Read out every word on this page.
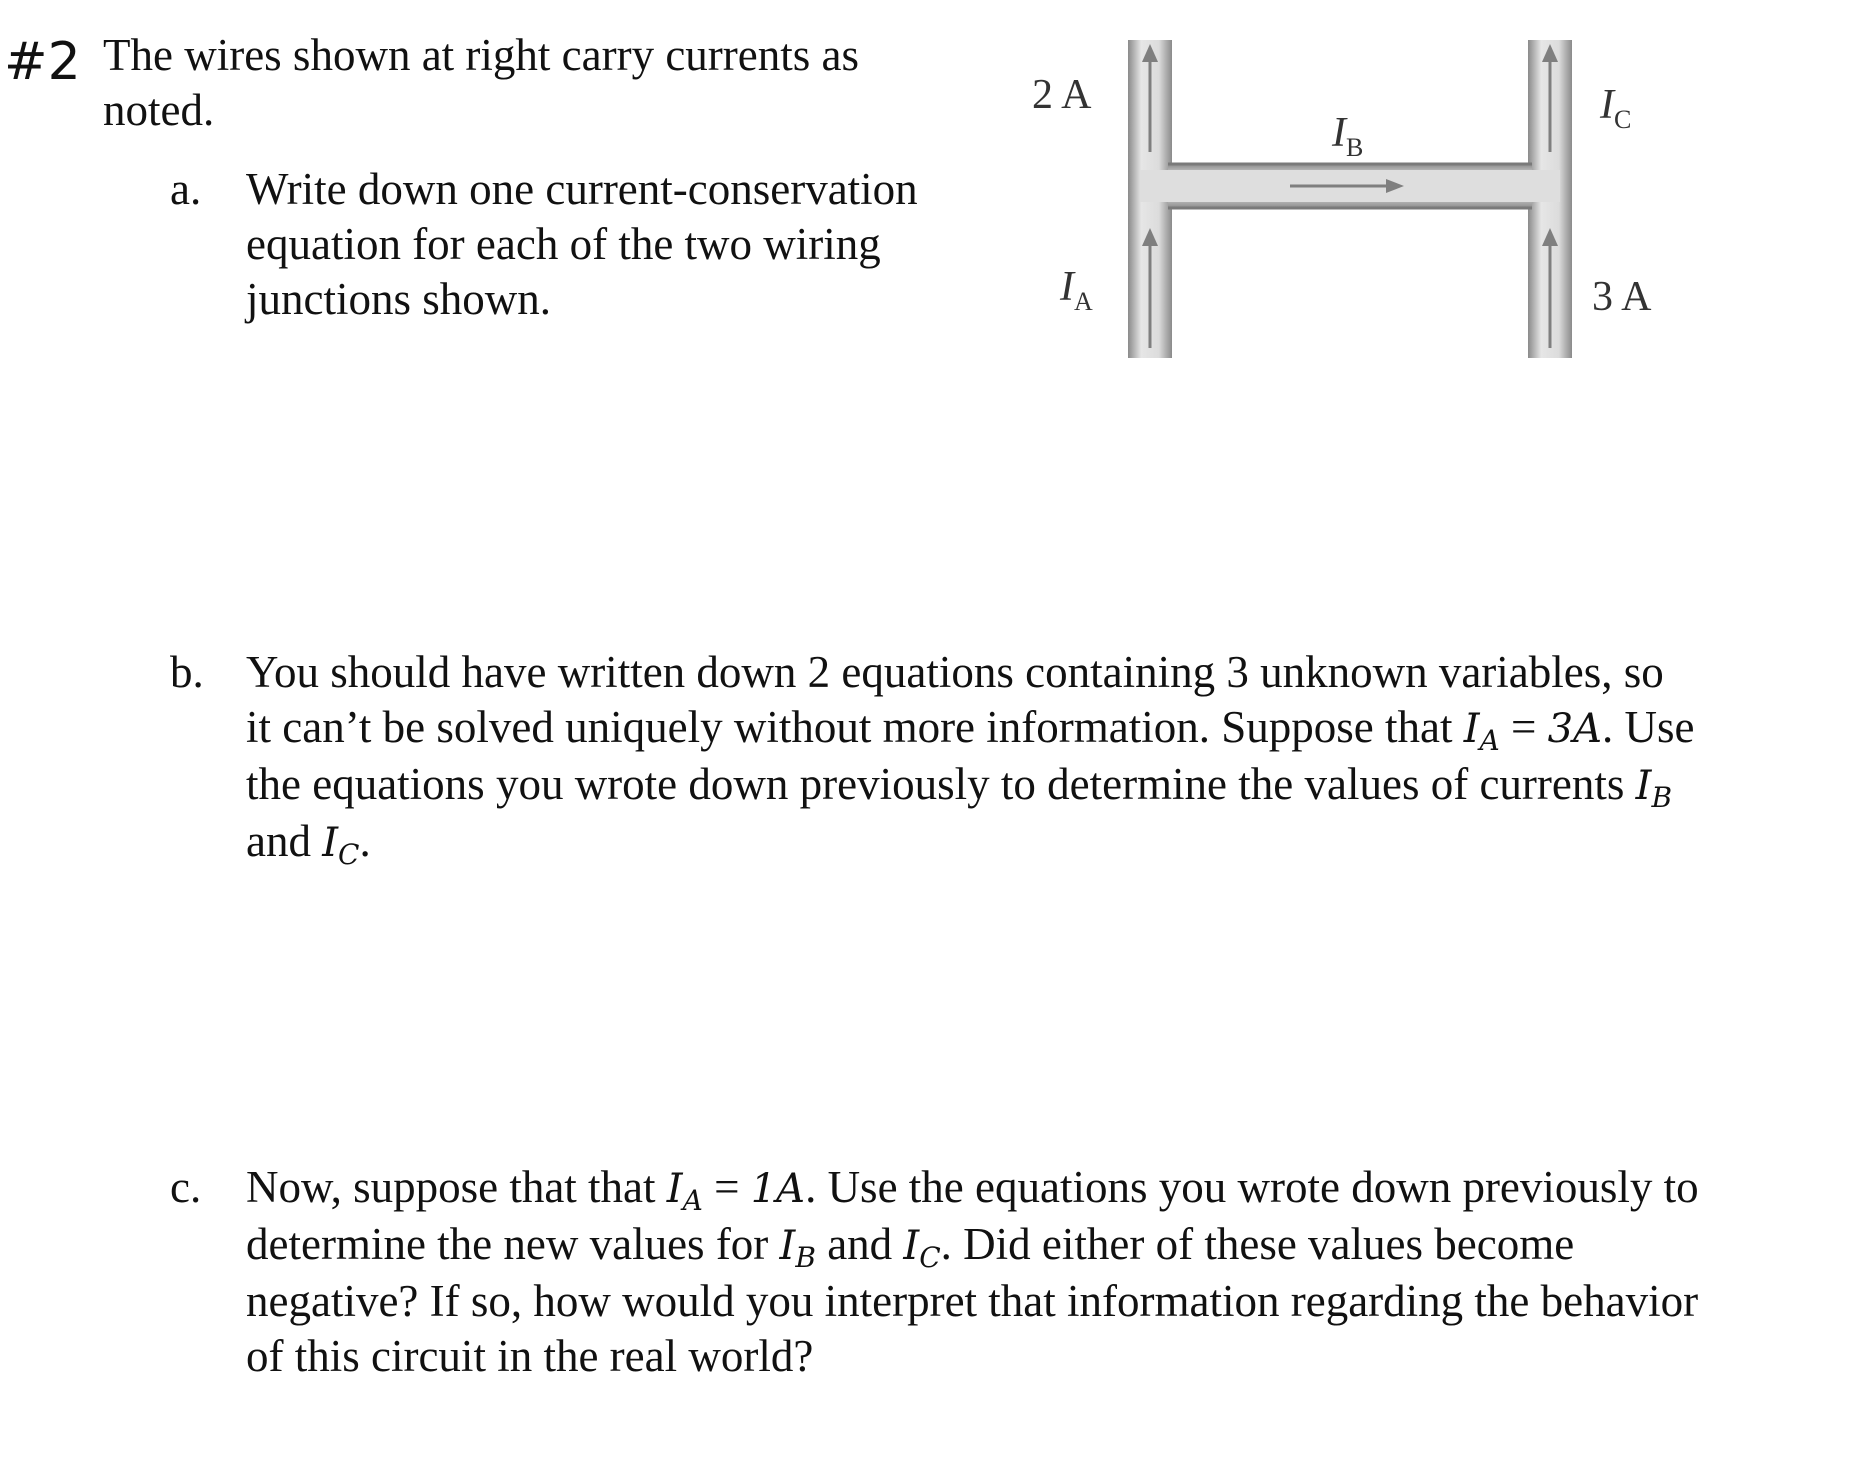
#2 The wires shown at right carry currents as noted.
a. Write down one current-conservation equation for each of the two wiring junctions shown.
2 A
$I_A$
$I_B$
$I_C$
3 A
b. You should have written down 2 equations containing 3 unknown variables, so it can’t be solved uniquely without more information. Suppose that $I_A = 3A$. Use the equations you wrote down previously to determine the values of currents $I_B$ and $I_C$.
c. Now, suppose that that $I_A = 1A$. Use the equations you wrote down previously to determine the new values for $I_B$ and $I_C$. Did either of these values become negative? If so, how would you interpret that information regarding the behavior of this circuit in the real world?
